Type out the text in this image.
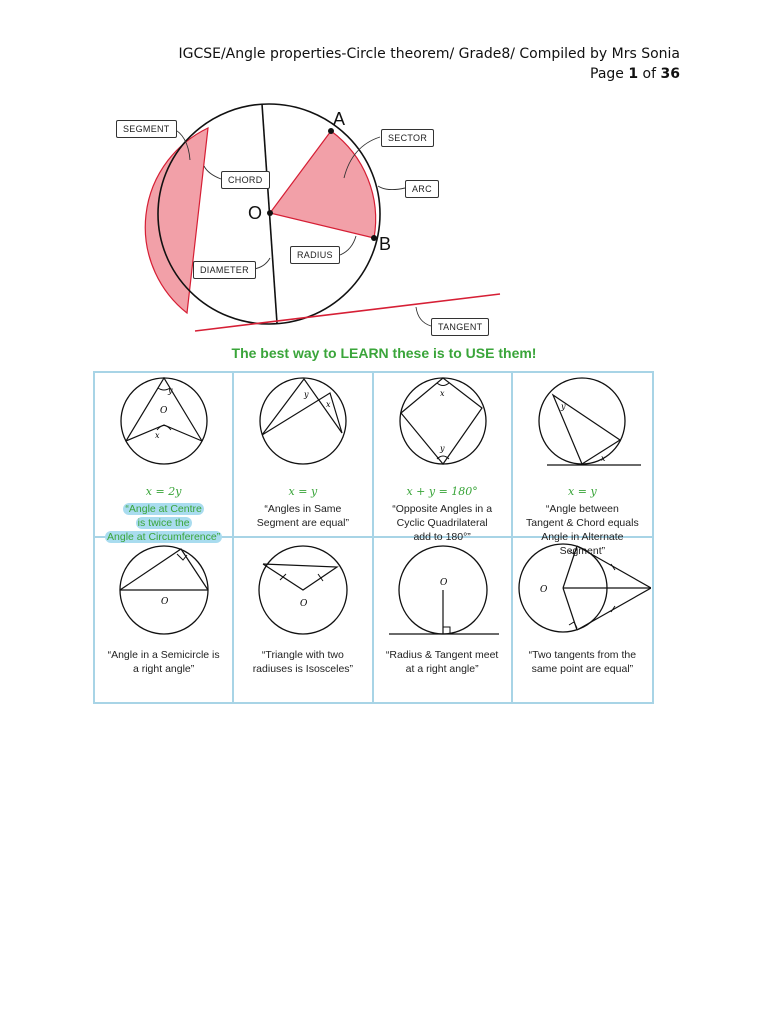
IGCSE/Angle properties-Circle theorem/ Grade8/ Compiled by Mrs Sonia
Page 1 of 36
SEGMENT
CHORD
SECTOR
ARC
RADIUS
DIAMETER
TANGENT
A
B
O
The best way to LEARN these is to USE them!
y
O
x
x = 2y
“Angle at Centre
is twice the
Angle at Circumference”
y
x
x = y
“Angles in Same
Segment are equal”
x
y
x + y = 180°
“Opposite Angles in a
Cyclic Quadrilateral
add to 180°”
y
x
x = y
“Angle between
Tangent & Chord equals
Angle in Alternate
Segment”
O
“Angle in a Semicircle is
a right angle”
O
“Triangle with two
radiuses is Isosceles”
O
“Radius & Tangent meet
at a right angle”
O
“Two tangents from the
same point are equal”
